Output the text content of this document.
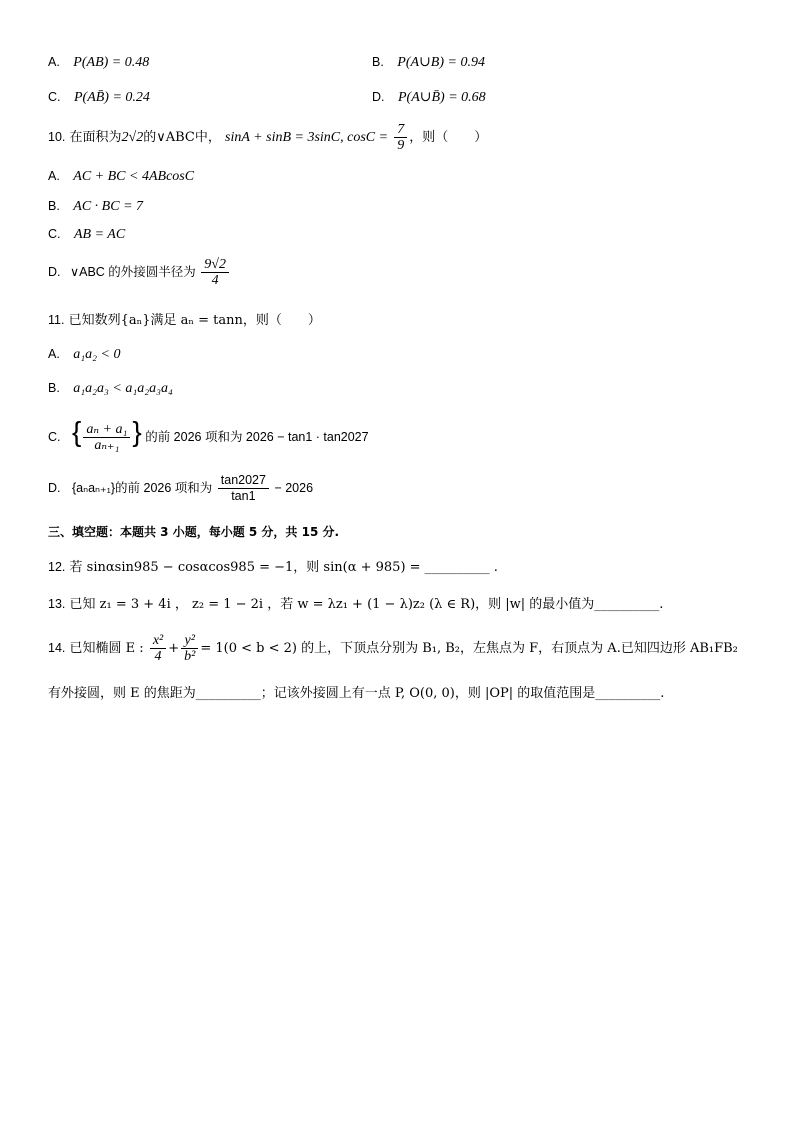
A. P(AB) = 0.48	B. P(A∪B) = 0.94
C. P(AB̄) = 0.24	D. P(A∪B̄) = 0.68
10. 在面积为2√2的∨ABC中， sinA + sinB = 3sinC, $\cos C = \frac{7}{9}$ ，则（　　）
A. AC + BC < 4ABcosC
B. AC · BC = 7
C. AB = AC
D. ∨ABC 的外接圆半径为 $\frac{9√2}{4}$
11. 已知数列{aₙ}满足 aₙ = tann，则（　　）
A. a₁a₂ < 0
B. a₁a₂a₃ < a₁a₂a₃a₄
C. { $\frac{\text{aₙ + a₁}}{\text{aₙ₊₁}}$ } 的前 2026 项和为 2026 − tan1 · tan2027
D. {aₙaₙ₊₁}的前 2026 项和为 $\frac{\tan 2027}{\tan 1} - 2026$
三、填空题：本题共 3 小题，每小题 5 分，共 15 分.
12. 若 sinαsin985 − cosαcos985 = −1，则 sin(α + 985) = __________ .
13. 已知 z₁ = 3 + 4i ， z₂ = 1 − 2i ，若 w = λz₁ + (1 − λ)z₂ (λ ∈ R)，则 |w| 的最小值为__________.
14. 已知椭圆 E : $\frac{\text{x²}}{4} + \frac{\text{y²}}{\text{b²}} = 1(0 < b < 2)$ 的上，下顶点分别为 B₁, B₂，左焦点为 F，右顶点为 A.已知四边形 AB₁FB₂
有外接圆，则 E 的焦距为__________；记该外接圆上有一点 P, O(0, 0)，则 |OP| 的取值范围是__________.
